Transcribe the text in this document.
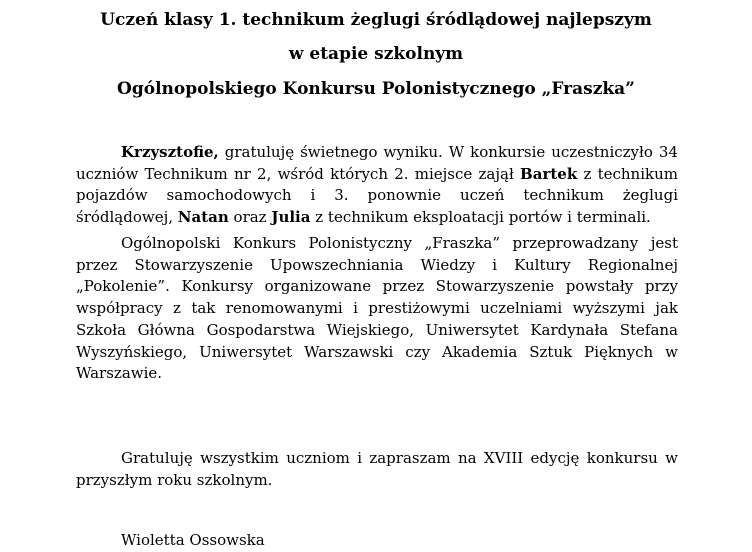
Uczeń klasy 1. technikum żeglugi śródlądowej najlepszym
w etapie szkolnym
Ogólnopolskiego Konkursu Polonistycznego „Fraszka”

Krzysztofie, gratuluję świetnego wyniku. W konkursie uczestniczyło 34 uczniów Technikum nr 2, wśród których 2. miejsce zajął Bartek z technikum pojazdów samochodowych i 3. ponownie uczeń technikum żeglugi śródlądowej, Natan oraz Julia z technikum eksploatacji portów i terminali.

Ogólnopolski Konkurs Polonistyczny „Fraszka” przeprowadzany jest przez Stowarzyszenie Upowszechniania Wiedzy i Kultury Regionalnej „Pokolenie”. Konkursy organizowane przez Stowarzyszenie powstały przy współpracy z tak renomowanymi i prestiżowymi uczelniami wyższymi jak Szkoła Główna Gospodarstwa Wiejskiego, Uniwersytet Kardynała Stefana Wyszyńskiego, Uniwersytet Warszawski czy Akademia Sztuk Pięknych w Warszawie.

Gratuluję wszystkim uczniom i zapraszam na XVIII edycję konkursu w przyszłym roku szkolnym.

Wioletta Ossowska
